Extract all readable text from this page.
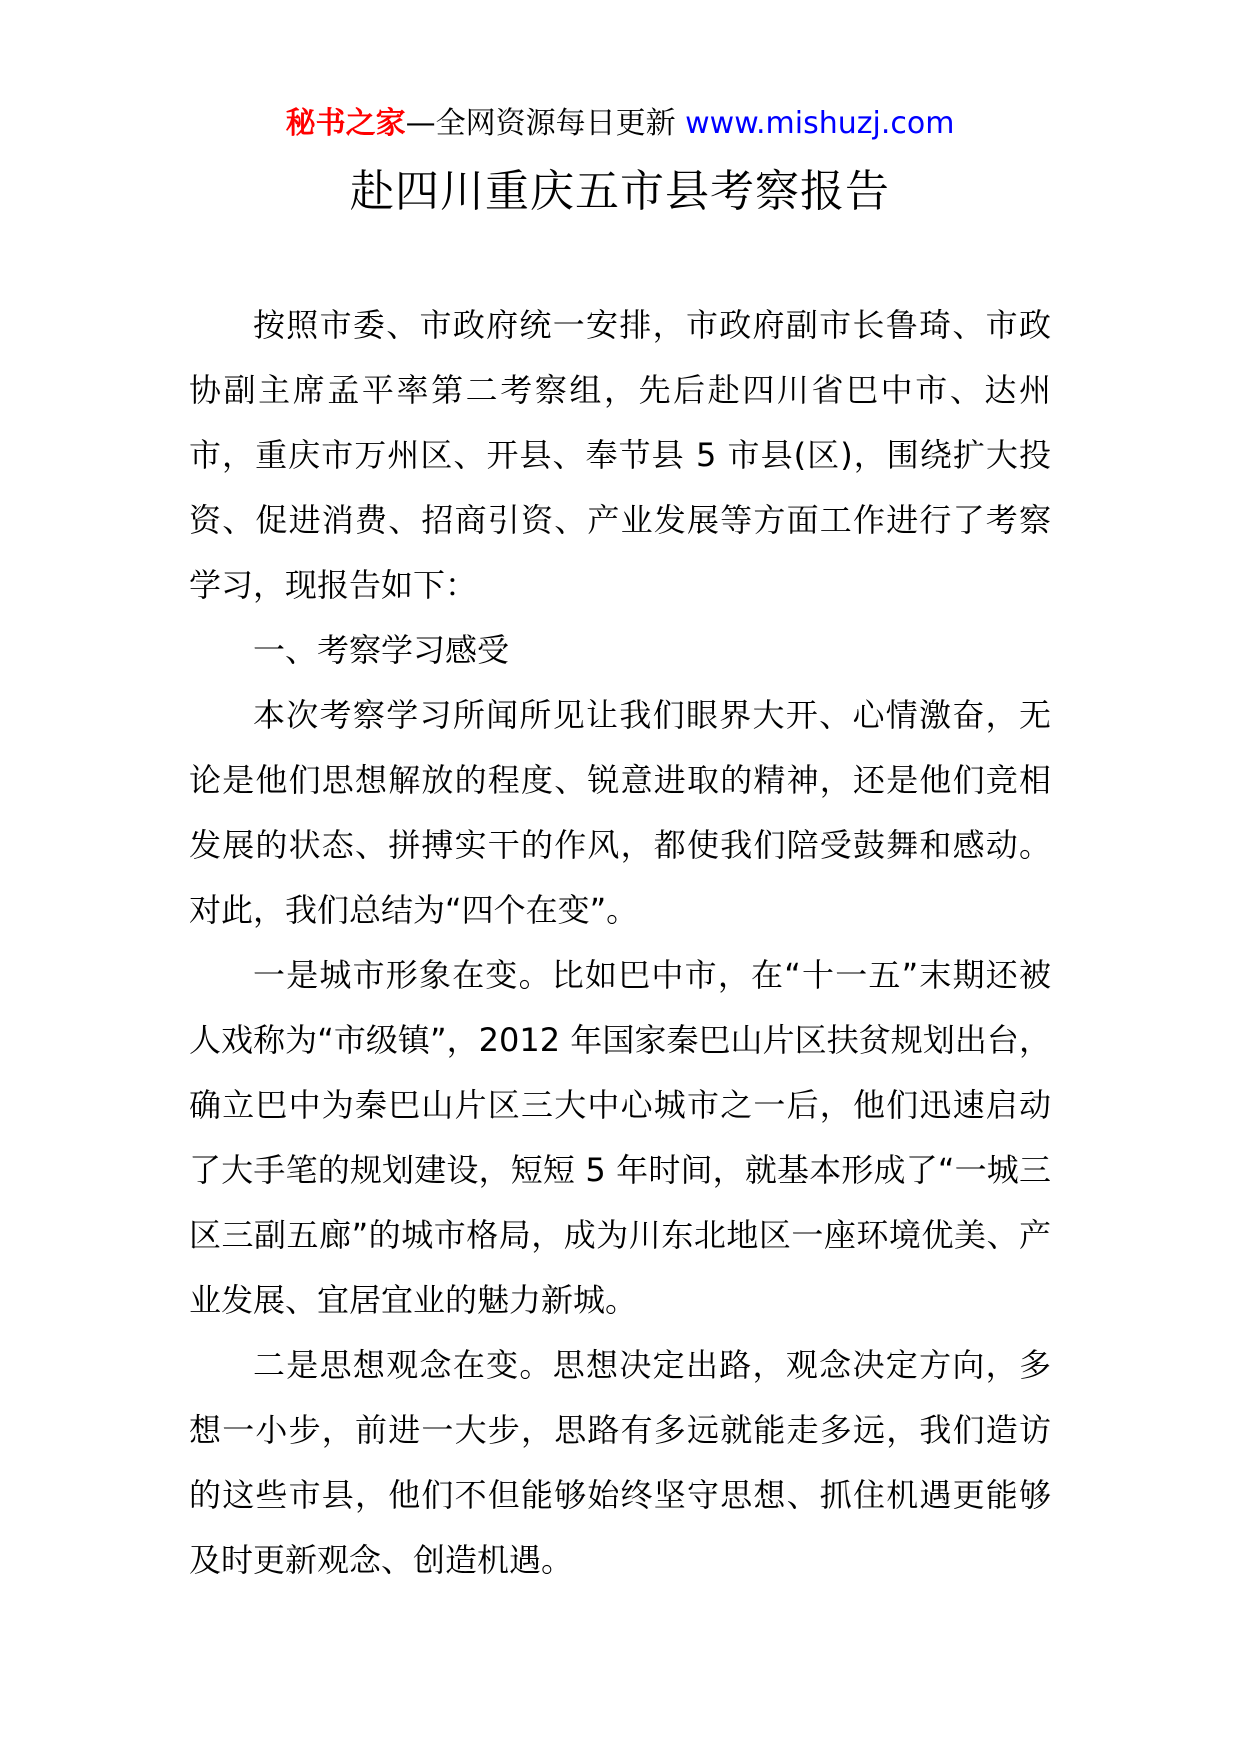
秘书之家—全网资源每日更新 www.mishuzj.com
赴四川重庆五市县考察报告

按照市委、市政府统一安排，市政府副市长鲁琦、市政协副主席孟平率第二考察组，先后赴四川省巴中市、达州市，重庆市万州区、开县、奉节县 5 市县(区)，围绕扩大投资、促进消费、招商引资、产业发展等方面工作进行了考察学习，现报告如下：

一、考察学习感受

本次考察学习所闻所见让我们眼界大开、心情激奋，无论是他们思想解放的程度、锐意进取的精神，还是他们竞相发展的状态、拼搏实干的作风，都使我们陪受鼓舞和感动。 对此，我们总结为“四个在变”。

一是城市形象在变。比如巴中市，在“十一五”末期还被人戏称为“市级镇”，2012 年国家秦巴山片区扶贫规划出台，确立巴中为秦巴山片区三大中心城市之一后，他们迅速启动了大手笔的规划建设，短短 5 年时间，就基本形成了“一城三区三副五廊”的城市格局，成为川东北地区一座环境优美、产业发展、宜居宜业的魅力新城。

二是思想观念在变。思想决定出路，观念决定方向，多想一小步，前进一大步，思路有多远就能走多远，我们造访的这些市县，他们不但能够始终坚守思想、抓住机遇更能够及时更新观念、创造机遇。
